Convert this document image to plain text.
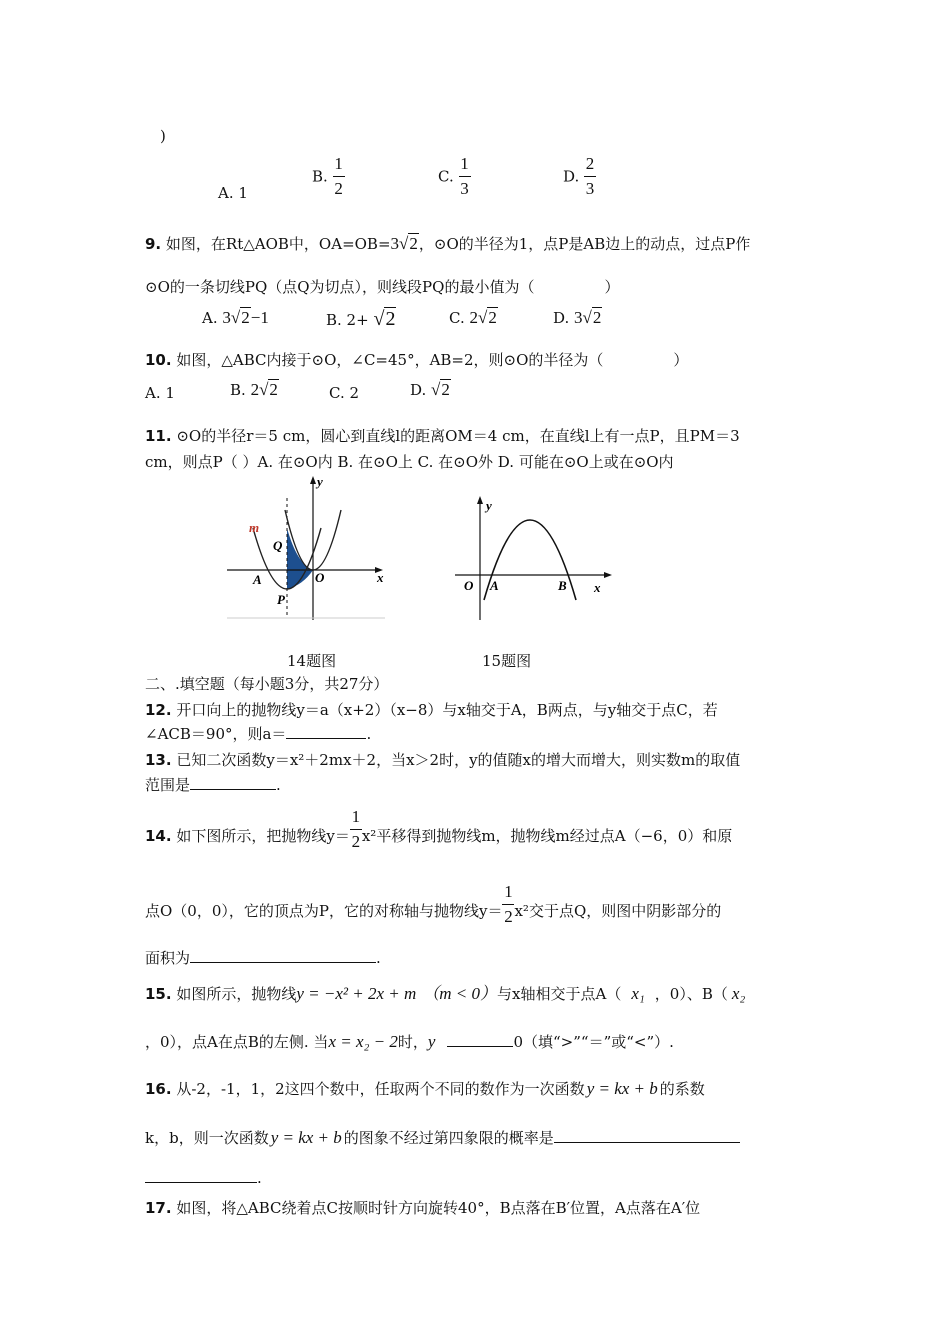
)
A. 1
B. $\frac{1}{2}$	C. $\frac{1}{3}$	D. $\frac{2}{3}$
9. 如图，在Rt△AOB中，OA=OB=3√2，⊙O的半径为1，点P是AB边上的动点，过点P作
⊙O的一条切线PQ（点Q为切点），则线段PQ的最小值为（	）
A. 3√2−1	B. 2+ √2	C. 2√2	D. 3√2
10. 如图，△ABC内接于⊙O，∠C=45°，AB=2，则⊙O的半径为（	）
A. 1	B. 2√2	C. 2	D. √2
11. ⊙O的半径r＝5 cm，圆心到直线l的距离OM＝4 cm，在直线l上有一点P，且PM＝3
cm，则点P（ ）A. 在⊙O内 B. 在⊙O上 C. 在⊙O外 D. 可能在⊙O上或在⊙O内
m
y
x
Q
A	O
P
y
x
O A	B
14题图	15题图
二、.填空题（每小题3分，共27分）
12. 开口向上的抛物线y＝a（x+2）（x−8）与x轴交于A，B两点，与y轴交于点C，若
∠ACB＝90°，则a＝	.
13. 已知二次函数y＝x²＋2mx＋2，当x＞2时，y的值随x的增大而增大，则实数m的取值
范围是	.
14. 如下图所示，把抛物线$y= \frac{1}{2} x^2$平移得到抛物线m，抛物线m经过点A（−6，0）和原
点O（0，0），它的顶点为P，它的对称轴与抛物线$y= \frac{1}{2} x^2$交于点Q，则图中阴影部分的
面积为	.
15. 如图所示，抛物线y = −x² + 2x + m （m < 0）与x轴相交于点A（ x₁ ，0）、B（ x₂
，0），点A在点B的左侧. 当x = x₂ − 2时，y	0（填“>”“＝”或“<”）.
16. 从-2，-1，1，2这四个数中，任取两个不同的数作为一次函数 y = kx + b 的系数
k，b，则一次函数 y = kx + b 的图象不经过第四象限的概率是
.
17. 如图，将△ABC绕着点C按顺时针方向旋转40°，B点落在B′位置，A点落在A′位
